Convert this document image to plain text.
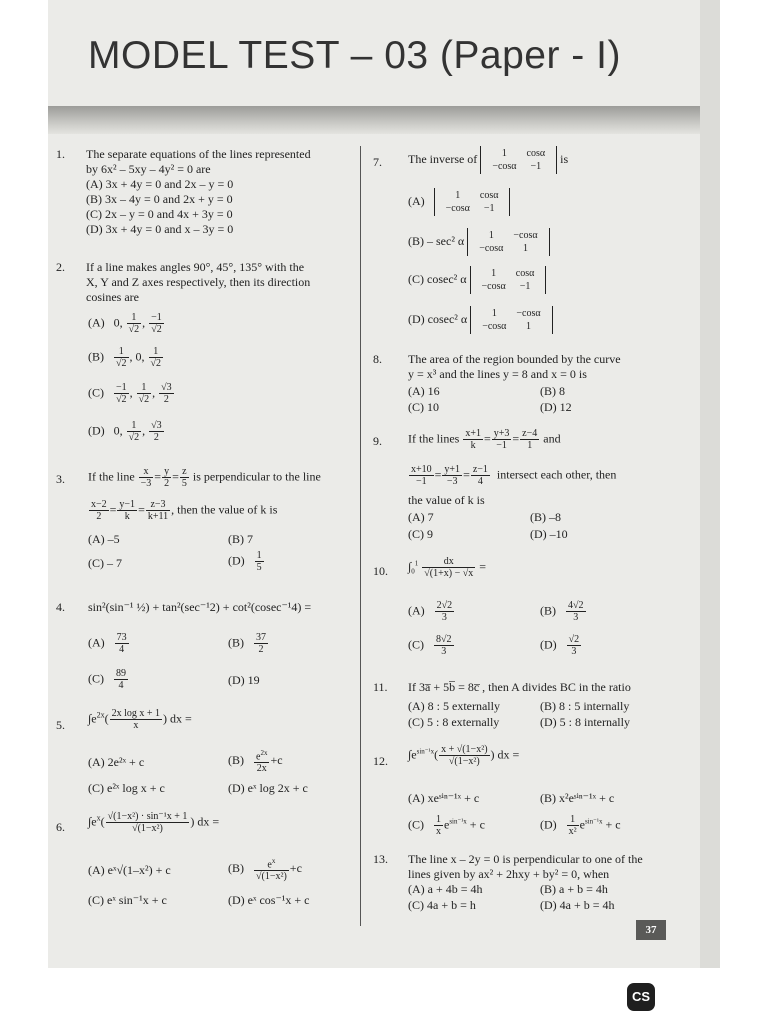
MODEL TEST – 03 (Paper - I)
1. The separate equations of the lines represented
by 6x² – 5xy – 4y² = 0 are
(A) 3x + 4y = 0 and 2x – y = 0
(B) 3x – 4y = 0 and 2x + y = 0
(C) 2x – y = 0 and 4x + 3y = 0
(D) 3x + 4y = 0 and x – 3y = 0
2. If a line makes angles 90°, 45°, 135° with the
X, Y and Z axes respectively, then its direction
cosines are
(A)   0, $\frac{1}{√2}$ , $\frac{-1}{√2}$
$(B) \frac{1}{√2}$ , 0, $\frac{1}{√2}$
$(C) \frac{-1}{√2}$ , $\frac{1}{√2}$ , $\frac{√3}{2}$
(D)   0, $\frac{1}{√2}$ , $\frac{√3}{2}$
3. If the line $\frac{x}{-3} = \frac{y}{2} = \frac{z}{5}$ is perpendicular to the line
$\frac{x-2}{2} = \frac{y-1}{k} = \frac{z-3}{k+11}$ , then the value of k is
(A) –5	(B) 7
(C) – 7	$(D) \frac{1}{5}$
4. sin²(sin⁻¹ ½) + tan²(sec⁻¹2) + cot²(cosec⁻¹4) =
$(A) \frac{73}{4}$	$(B) \frac{37}{2}$
$(C) \frac{89}{4}$	(D) 19
5. $\int e^{2x}( \frac{\text{2x log x + 1}}{x}$ ) dx =
(A) 2e²ˣ + c	$(B) \frac{e^{2x}}{2x} +c$
(C) e²ˣ log x + c	(D) eˣ log 2x + c
6. $\int e^x( \frac{\text{√(1−x²) · sin⁻¹x + 1}}{\text{√(1−x²)}}$ ) dx =
(A) eˣ√(1–x²) + c	$(B) \frac{e^x}{\text{√(1−x²)}} +c$
(C) eˣ sin⁻¹x + c	(D) eˣ cos⁻¹x + c
7. The inverse of 1	cosα
−cosα	−1
is
(A)	1	cosα
−cosα	−1
(B) – sec² α 1	−cosα
−cosα	1
(C) cosec² α 1	cosα
−cosα	−1
(D) cosec² α 1	−cosα
−cosα	1
8. The area of the region bounded by the curve
y = x³ and the lines y = 8 and x = 0 is
(A) 16	(B) 8
(C) 10	(D) 12
9. If the lines $\frac{x+1}{k} = \frac{y+3}{-1} = \frac{z-4}{1}$ and
$\frac{x+10}{-1} = \frac{y+1}{-3} = \frac{z-1}{4}$ intersect each other, then
the value of k is
(A) 7	(B) –8
(C) 9	(D) –10
10. $\int_0^1 \frac{dx}{√(1+x) - √x}$ =
$(A) \frac{2√2}{3}$	$(B) \frac{4√2}{3}$
$(C) \frac{8√2}{3}$	$(D) \frac{√2}{3}$
11. If 3a̅ + 5b̅ = 8c̅ , then A divides BC in the ratio
(A) 8 : 5 externally	(B) 8 : 5 internally
(C) 5 : 8 externally	(D) 5 : 8 internally
12. $\int e^{sin^{-1}x}( \frac{\text{x + √(1−x²)}}{\text{√(1−x²)}}$ ) dx =
(A) xeˢⁱⁿ⁻¹ˣ + c	(B) x²eˢⁱⁿ⁻¹ˣ + c
$(C) \frac{1}{x} e^{sin^{-1}x} + c$	$(D) \frac{1}{\text{x²}} e^{sin^{-1}x} + c$
13. The line x – 2y = 0 is perpendicular to one of the
lines given by ax² + 2hxy + by² = 0, when
(A) a + 4b = 4h	(B) a + b = 4h
(C) 4a + b = h	(D) 4a + b = 4h
37
CS
